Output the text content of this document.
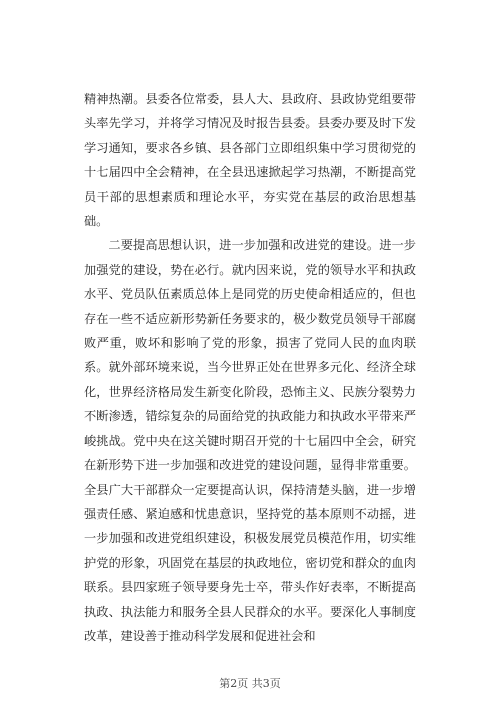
精神热潮。县委各位常委，县人大、县政府、县政协党组要带头率先学习，并将学习情况及时报告县委。县委办要及时下发学习通知，要求各乡镇、县各部门立即组织集中学习贯彻党的十七届四中全会精神，在全县迅速掀起学习热潮，不断提高党员干部的思想素质和理论水平，夯实党在基层的政治思想基础。

二要提高思想认识，进一步加强和改进党的建设。进一步加强党的建设，势在必行。就内因来说，党的领导水平和执政水平、党员队伍素质总体上是同党的历史使命相适应的，但也存在一些不适应新形势新任务要求的，极少数党员领导干部腐败严重，败坏和影响了党的形象，损害了党同人民的血肉联系。就外部环境来说，当今世界正处在世界多元化、经济全球化，世界经济格局发生新变化阶段，恐怖主义、民族分裂势力不断渗透，错综复杂的局面给党的执政能力和执政水平带来严峻挑战。党中央在这关键时期召开党的十七届四中全会，研究在新形势下进一步加强和改进党的建设问题，显得非常重要。全县广大干部群众一定要提高认识，保持清楚头脑，进一步增强责任感、紧迫感和忧患意识，坚持党的基本原则不动摇，进一步加强和改进党组织建设，积极发展党员模范作用，切实维护党的形象，巩固党在基层的执政地位，密切党和群众的血肉联系。县四家班子领导要身先士卒，带头作好表率，不断提高执政、执法能力和服务全县人民群众的水平。要深化人事制度改革，建设善于推动科学发展和促进社会和

第2页 共3页
